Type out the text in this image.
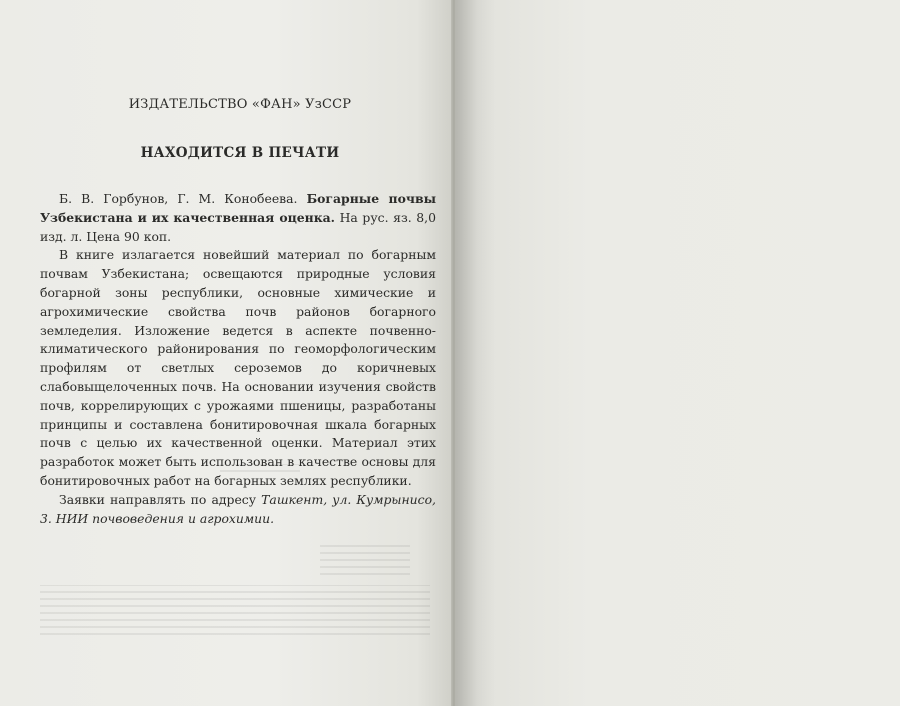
ИЗДАТЕЛЬСТВО «ФАН» УзССР
НАХОДИТСЯ В ПЕЧАТИ

Б. В. Горбунов, Г. М. Конобеева. Богарные почвы Узбекистана и их качественная оценка. На рус. яз. 8,0 изд. л. Цена 90 коп.

В книге излагается новейший материал по богарным почвам Узбекистана; освещаются природные условия богарной зоны республики, основные химические и агрохимические свойства почв районов богарного земледелия. Изложение ведется в аспекте почвенно-климатического районирования по геоморфологическим профилям от светлых сероземов до коричневых слабовыщелоченных почв. На основании изучения свойств почв, коррелирующих с урожаями пшеницы, разработаны принципы и составлена бонитировочная шкала богарных почв с целью их качественной оценки. Материал этих разработок может быть использован в качестве основы для бонитировочных работ на богарных землях республики.

Заявки направлять по адресу Ташкент, ул. Кумрынисо, 3. НИИ почвоведения и агрохимии.
